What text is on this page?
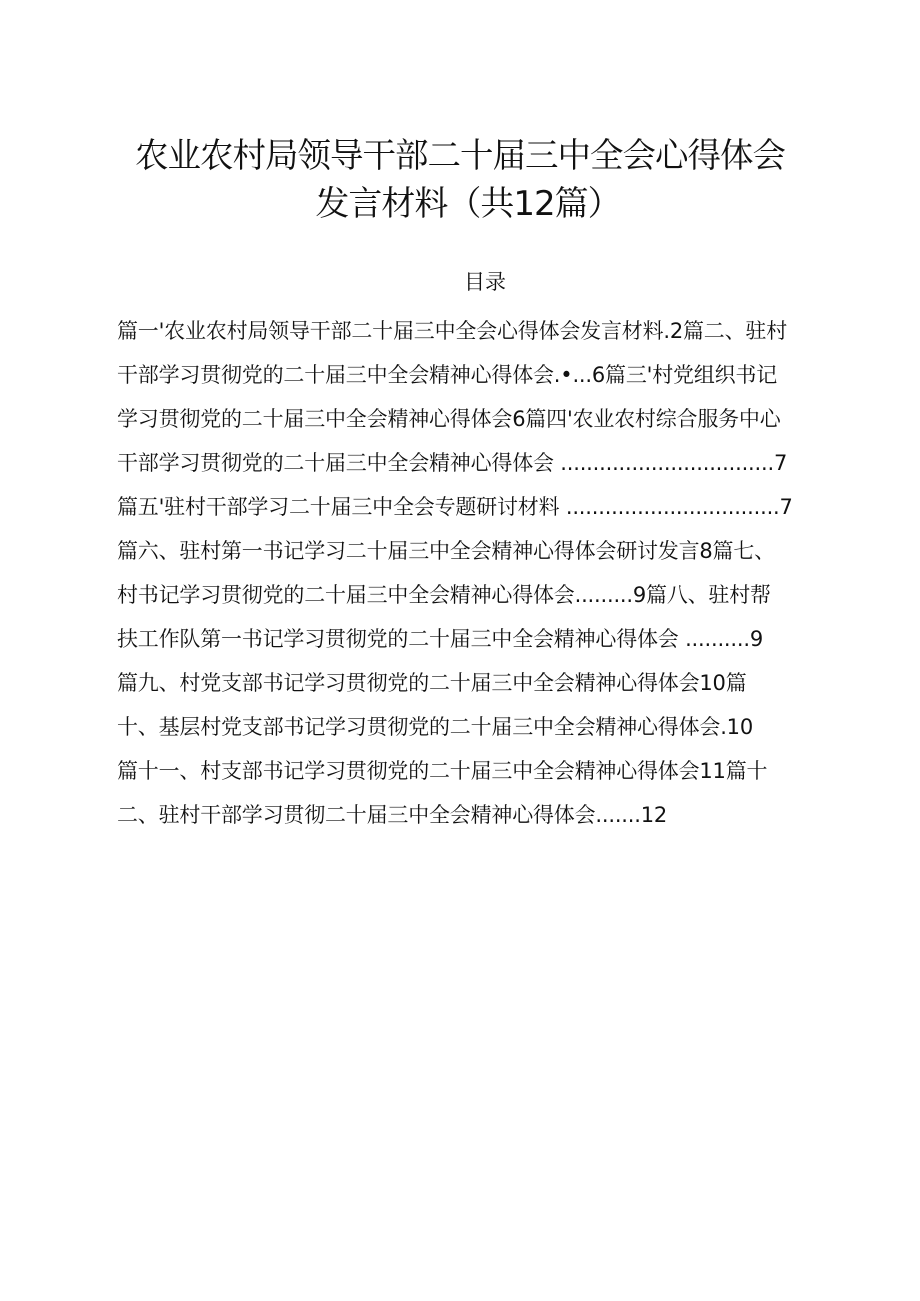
农业农村局领导干部二十届三中全会心得体会
发言材料（共12篇）
目录
篇一'农业农村局领导干部二十届三中全会心得体会发言材料.2篇二、驻村
干部学习贯彻党的二十届三中全会精神心得体会.•...6篇三'村党组织书记
学习贯彻党的二十届三中全会精神心得体会6篇四'农业农村综合服务中心
干部学习贯彻党的二十届三中全会精神心得体会 .................................7
篇五'驻村干部学习二十届三中全会专题研讨材料 .................................7
篇六、驻村第一书记学习二十届三中全会精神心得体会研讨发言8篇七、
村书记学习贯彻党的二十届三中全会精神心得体会.........9篇八、驻村帮
扶工作队第一书记学习贯彻党的二十届三中全会精神心得体会 ..........9
篇九、村党支部书记学习贯彻党的二十届三中全会精神心得体会10篇
十、基层村党支部书记学习贯彻党的二十届三中全会精神心得体会.10
篇十一、村支部书记学习贯彻党的二十届三中全会精神心得体会11篇十
二、驻村干部学习贯彻二十届三中全会精神心得体会.......12
